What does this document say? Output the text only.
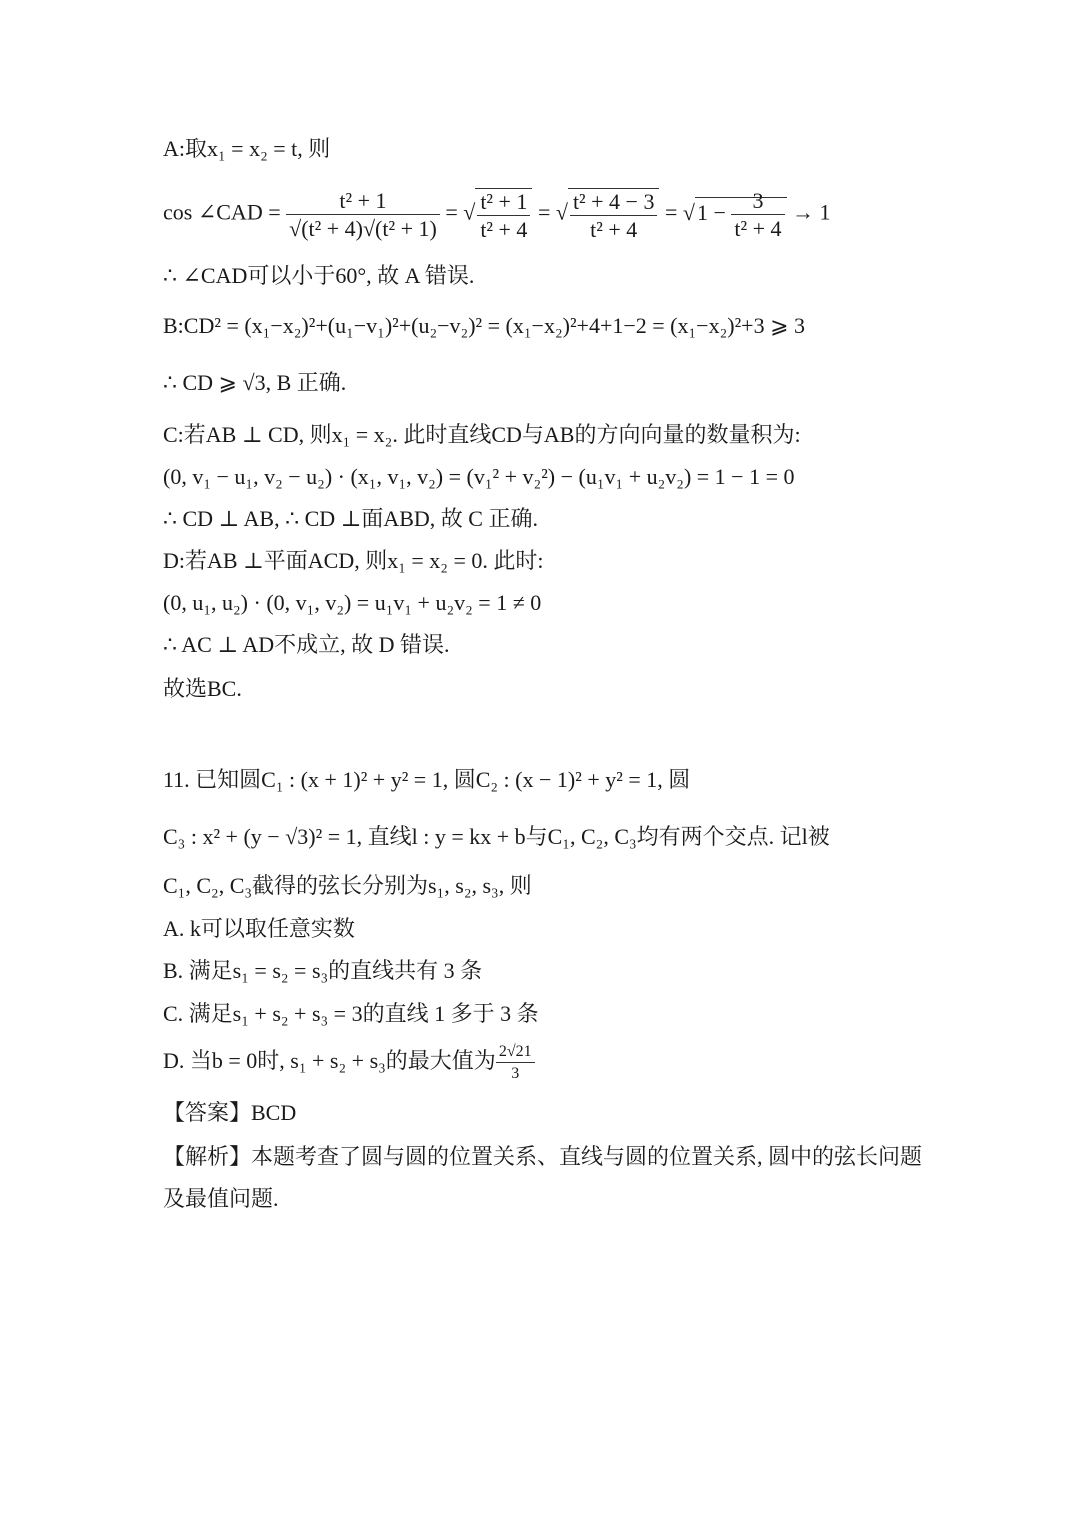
A:取x₁ = x₂ = t, 则
cos ∠CAD = $\frac{\text{t² + 1}}{\text{√(t² + 4)√(t² + 1)}}$ = √ $\frac{\text{t² + 1}}{\text{t² + 4}}$ = √ $\frac{\text{t² + 4 − 3}}{\text{t² + 4}} = √1 - \frac{3}{\text{t² + 4}} \to 1$
∴ ∠CAD可以小于60°, 故 A 错误.
B:CD² = (x₁−x₂)²+(u₁−v₁)²+(u₂−v₂)² = (x₁−x₂)²+4+1−2 = (x₁−x₂)²+3 ⩾ 3
∴ CD ⩾ √3, B 正确.
C:若AB ⊥ CD, 则x₁ = x₂. 此时直线CD与AB的方向向量的数量积为:
(0, v₁ − u₁, v₂ − u₂) · (x₁, v₁, v₂) = (v₁² + v₂²) − (u₁v₁ + u₂v₂) = 1 − 1 = 0
∴ CD ⊥ AB, ∴ CD ⊥面ABD, 故 C 正确.
D:若AB ⊥平面ACD, 则x₁ = x₂ = 0. 此时:
(0, u₁, u₂) · (0, v₁, v₂) = u₁v₁ + u₂v₂ = 1 ≠ 0
∴ AC ⊥ AD不成立, 故 D 错误.
故选BC.
11. 已知圆C₁ : (x + 1)² + y² = 1, 圆C₂ : (x − 1)² + y² = 1, 圆
C₃ : x² + (y − √3)² = 1, 直线l : y = kx + b与C₁, C₂, C₃均有两个交点. 记l被
C₁, C₂, C₃截得的弦长分别为s₁, s₂, s₃, 则
A. k可以取任意实数
B. 满足s₁ = s₂ = s₃的直线共有 3 条
C. 满足s₁ + s₂ + s₃ = 3的直线 1 多于 3 条
D. 当b = 0时, s₁ + s₂ + s₃的最大值为 $\frac{2√21}{3}$
【答案】BCD
【解析】本题考查了圆与圆的位置关系、直线与圆的位置关系, 圆中的弦长问题
及最值问题.
